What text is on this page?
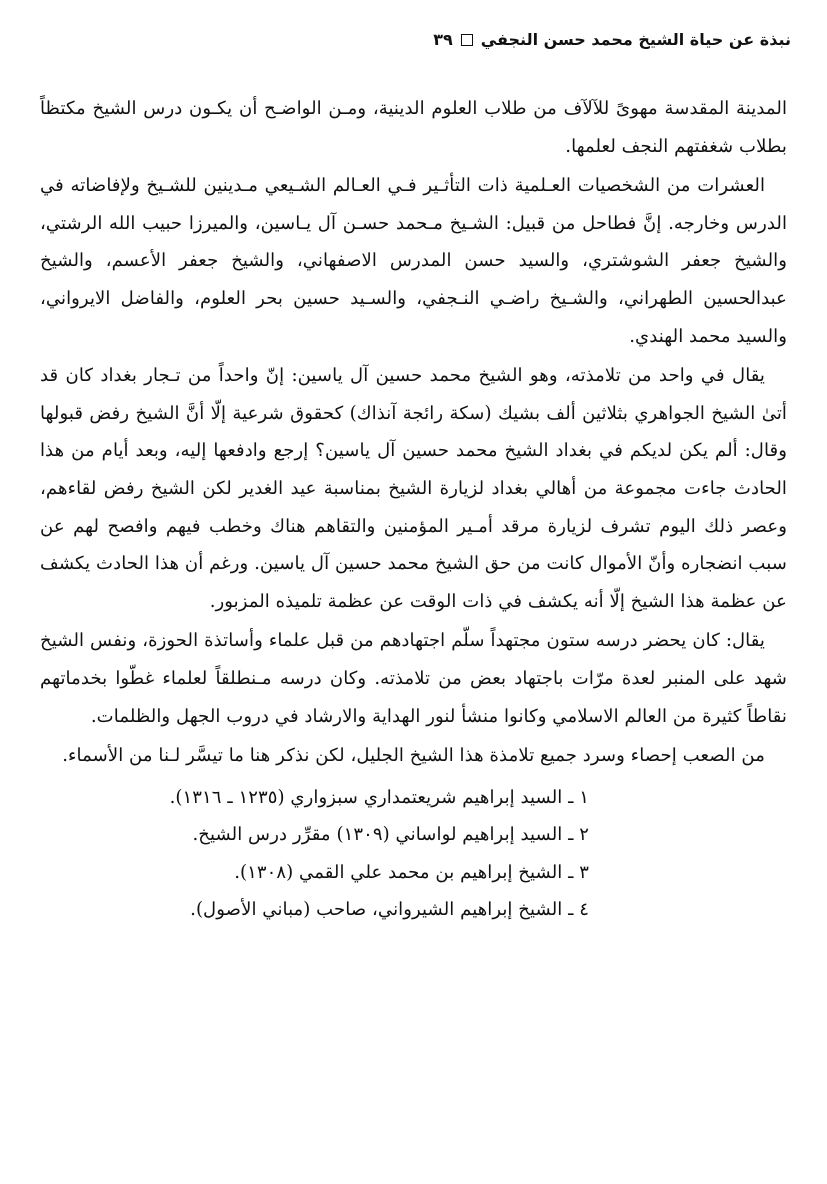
نبذة عن حياة الشيخ محمد حسن النجفي
٣٩

المدينة المقدسة مهوىً للآلآف من طلاب العلوم الدينية، ومـن الواضـح أن يكـون درس الشيخ مكتظاً بطلاب شغفتهم النجف لعلمها.

العشرات من الشخصيات العـلمية ذات التأثـير فـي العـالم الشـيعي مـدينين للشـيخ ولإفاضاته في الدرس وخارجه. إنَّ فطاحل من قبيل: الشـيخ مـحمد حسـن آل يـاسين، والميرزا حبيب الله الرشتي، والشيخ جعفر الشوشتري، والسيد حسن المدرس الاصفهاني، والشيخ جعفر الأعسم، والشيخ عبدالحسين الطهراني، والشـيخ راضـي النـجفي، والسـيد حسين بحر العلوم، والفاضل الايرواني، والسيد محمد الهندي.

يقال في واحد من تلامذته، وهو الشيخ محمد حسين آل ياسين: إنّ واحداً من تـجار بغداد كان قد أتىٰ الشيخ الجواهري بثلاثين ألف بشيك (سكة رائجة آنذاك) كحقوق شرعية إلّا أنَّ الشيخ رفض قبولها وقال: ألم يكن لديكم في بغداد الشيخ محمد حسين آل ياسين؟ إرجع وادفعها إليه، وبعد أيام من هذا الحادث جاءت مجموعة من أهالي بغداد لزيارة الشيخ بمناسبة عيد الغدير لكن الشيخ رفض لقاءهم، وعصر ذلك اليوم تشرف لزيارة مرقد أمـير المؤمنين والتقاهم هناك وخطب فيهم وافصح لهم عن سبب انضجاره وأنّ الأموال كانت من حق الشيخ محمد حسين آل ياسين. ورغم أن هذا الحادث يكشف عن عظمة هذا الشيخ إلّا أنه يكشف في ذات الوقت عن عظمة تلميذه المزبور.

يقال: كان يحضر درسه ستون مجتهداً سلّم اجتهادهم من قبل علماء وأساتذة الحوزة، ونفس الشيخ شهد على المنبر لعدة مرّات باجتهاد بعض من تلامذته. وكان درسه مـنطلقاً لعلماء غطّوا بخدماتهم نقاطاً كثيرة من العالم الاسلامي وكانوا منشأ لنور الهداية والارشاد في دروب الجهل والظلمات.

من الصعب إحصاء وسرد جميع تلامذة هذا الشيخ الجليل، لكن نذكر هنا ما تيسَّر لـنا من الأسماء.

١ ـ السيد إبراهيم شريعتمداري سبزواري (١٢٣٥ ـ ١٣١٦).
٢ ـ السيد إبراهيم لواساني (١٣٠٩) مقرِّر درس الشيخ.
٣ ـ الشيخ إبراهيم بن محمد علي القمي (١٣٠٨).
٤ ـ الشيخ إبراهيم الشيرواني، صاحب (مباني الأصول).
